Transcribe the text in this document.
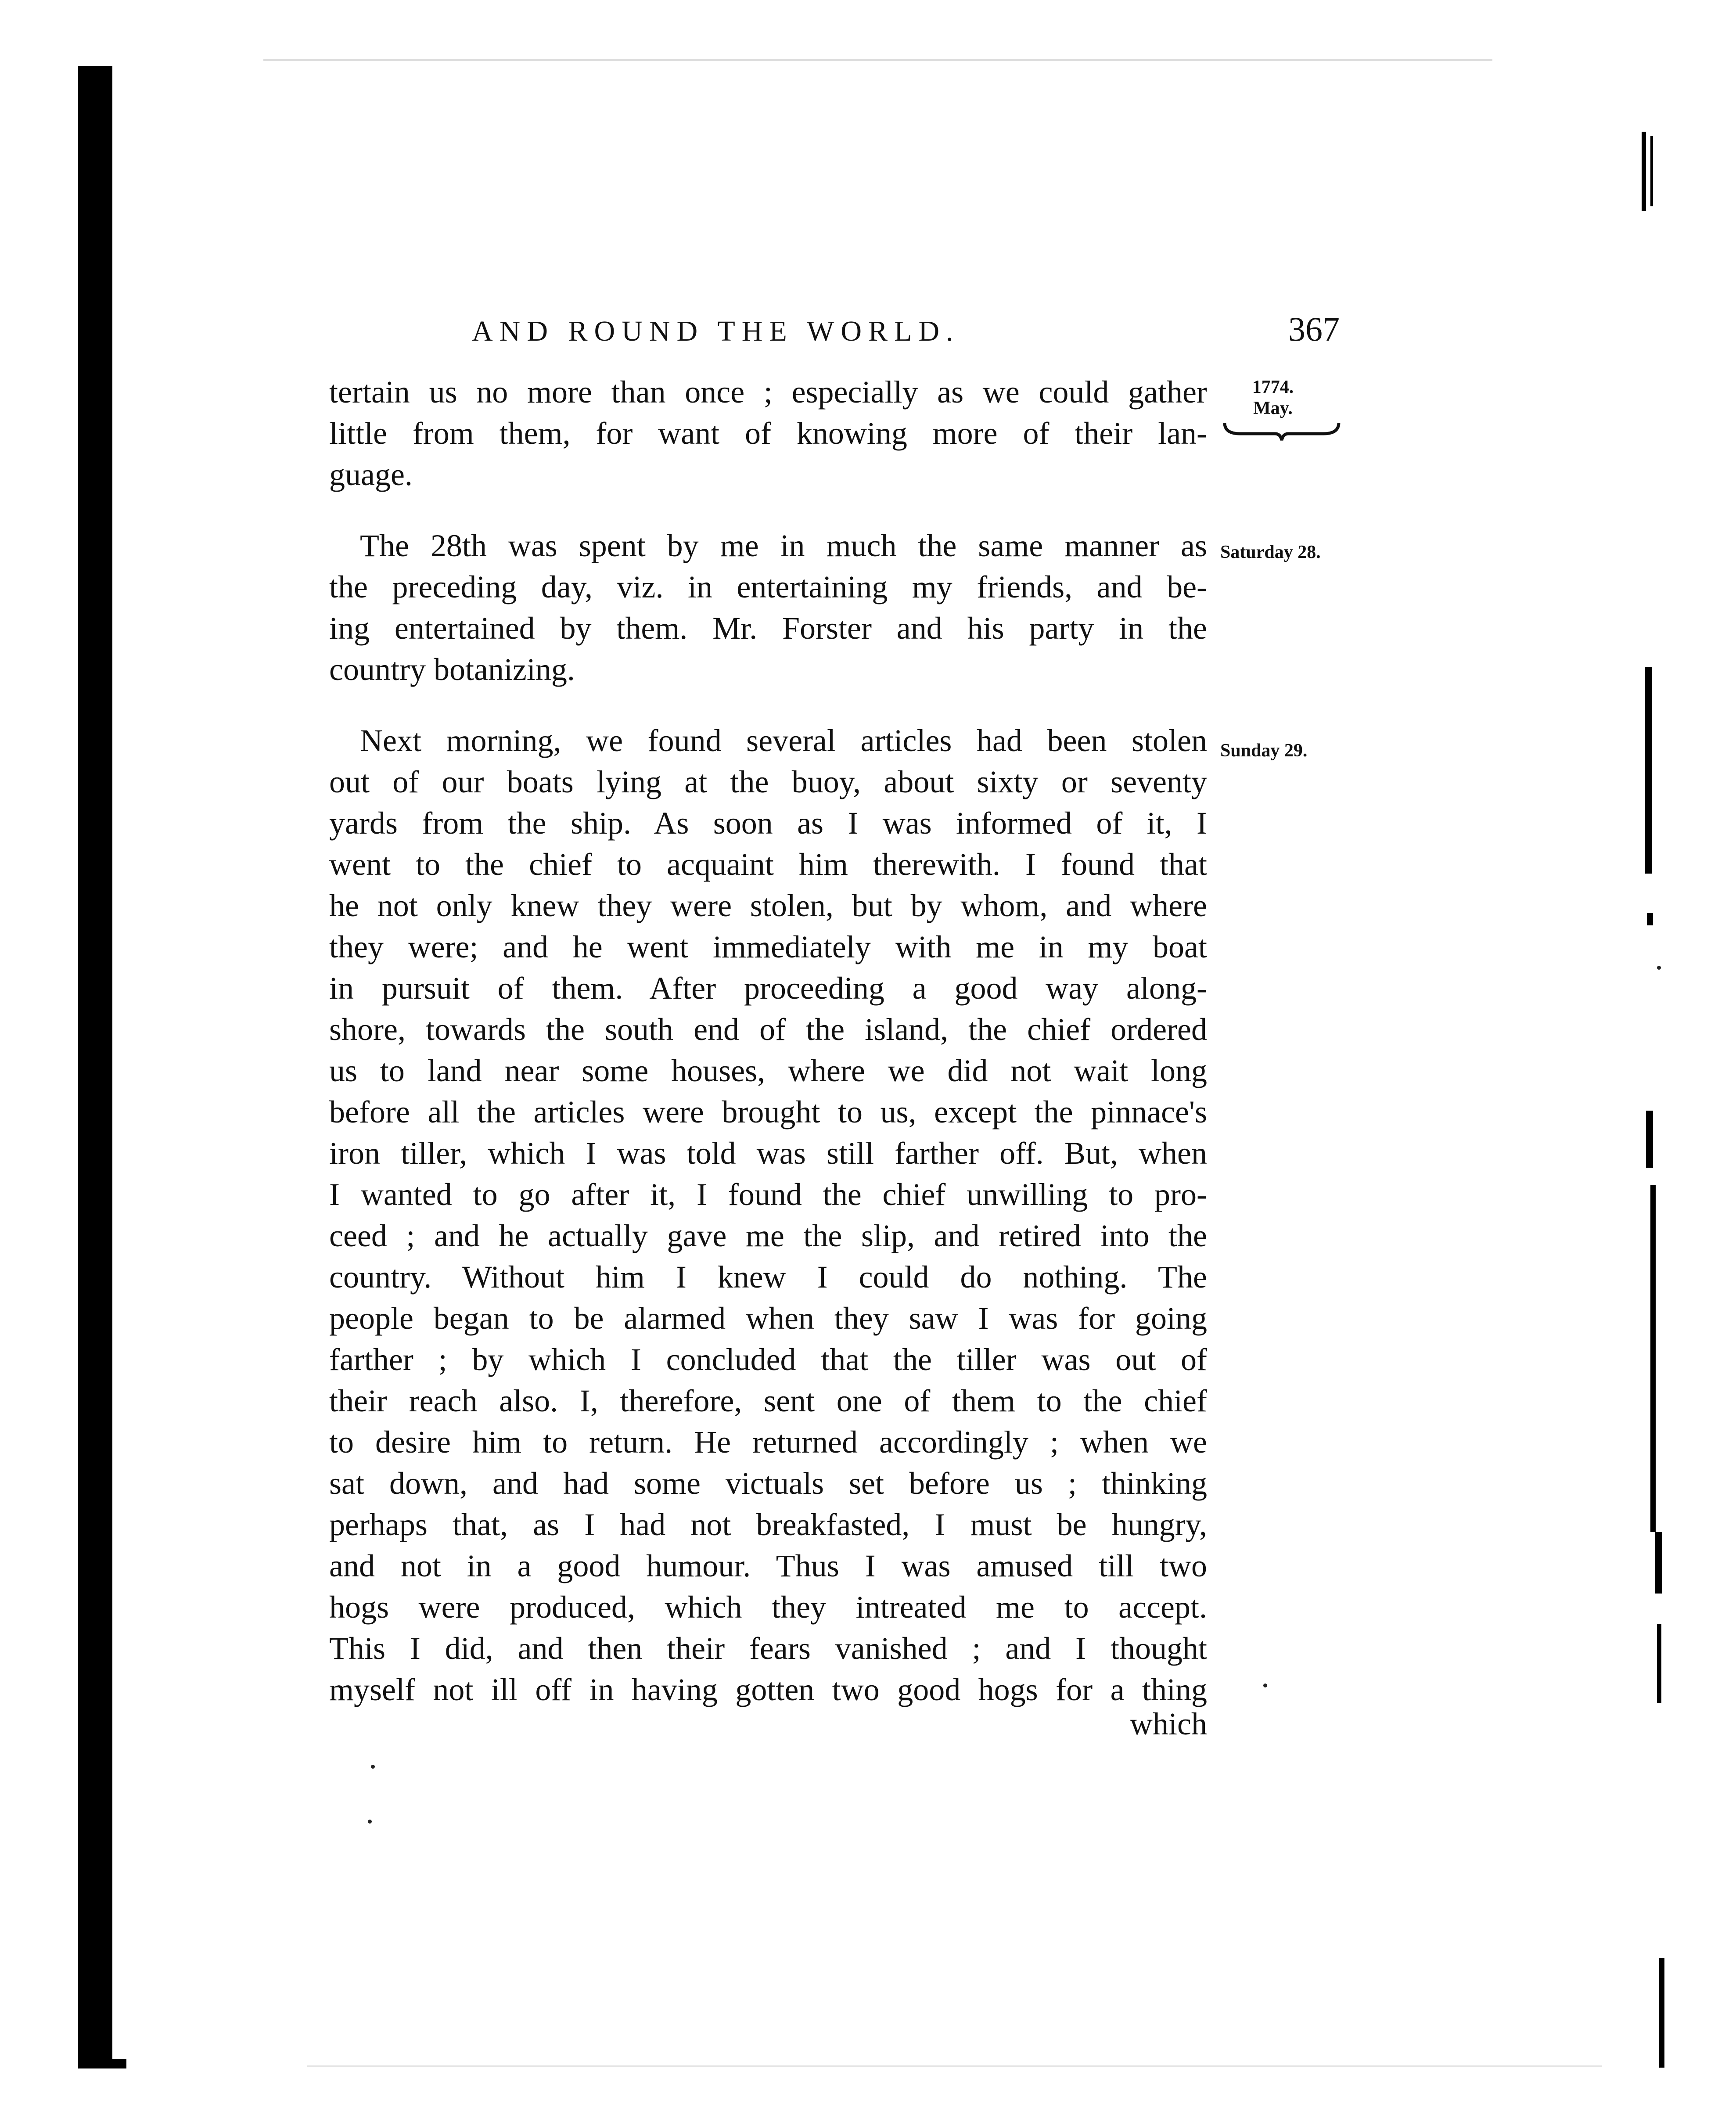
AND ROUND THE WORLD.	367
1774.
May.
Saturday 28.
Sunday 29.
tertain us no more than once ; especially as we could gather
little from them, for want of knowing more of their lan-
guage.
The 28th was spent by me in much the same manner as
the preceding day, viz. in entertaining my friends, and be-
ing entertained by them. Mr. Forster and his party in the
country botanizing.
Next morning, we found several articles had been stolen
out of our boats lying at the buoy, about sixty or seventy
yards from the ship. As soon as I was informed of it, I
went to the chief to acquaint him therewith. I found that
he not only knew they were stolen, but by whom, and where
they were; and he went immediately with me in my boat
in pursuit of them. After proceeding a good way along-
shore, towards the south end of the island, the chief ordered
us to land near some houses, where we did not wait long
before all the articles were brought to us, except the pinnace's
iron tiller, which I was told was still farther off. But, when
I wanted to go after it, I found the chief unwilling to pro-
ceed ; and he actually gave me the slip, and retired into the
country. Without him I knew I could do nothing. The
people began to be alarmed when they saw I was for going
farther ; by which I concluded that the tiller was out of
their reach also. I, therefore, sent one of them to the chief
to desire him to return. He returned accordingly ; when we
sat down, and had some victuals set before us ; thinking
perhaps that, as I had not breakfasted, I must be hungry,
and not in a good humour. Thus I was amused till two
hogs were produced, which they intreated me to accept.
This I did, and then their fears vanished ; and I thought
myself not ill off in having gotten two good hogs for a thing
which
